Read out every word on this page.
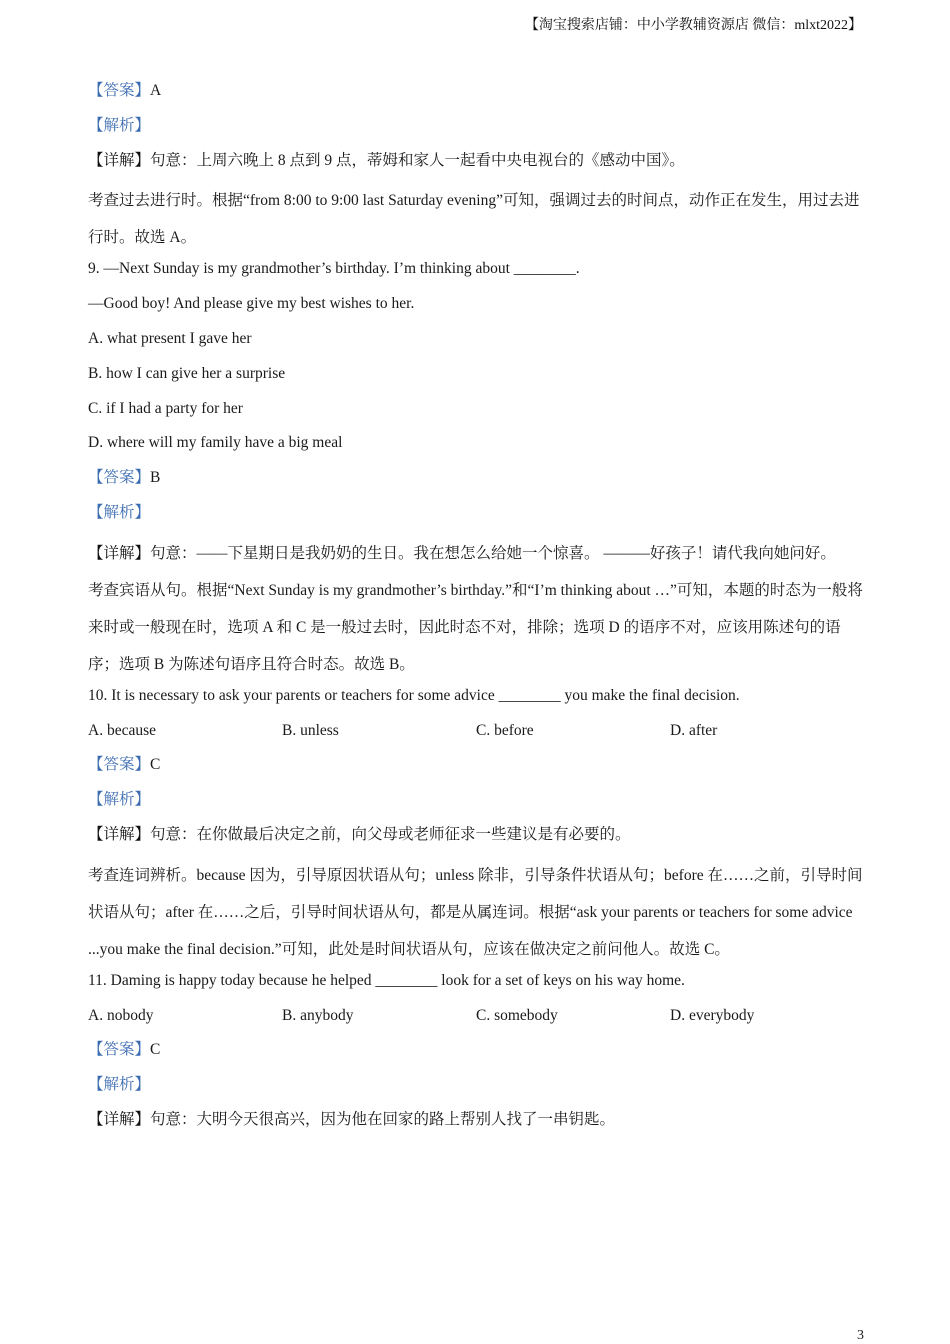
【淘宝搜索店铺：中小学教辅资源店 微信：mlxt2022】
【答案】A
【解析】
【详解】句意：上周六晚上 8 点到 9 点，蒂姆和家人一起看中央电视台的《感动中国》。
考查过去进行时。根据“from 8:00 to 9:00 last Saturday evening”可知，强调过去的时间点，动作正在发生，用过去进行时。故选 A。
9. —Next Sunday is my grandmother’s birthday. I’m thinking about ________.
—Good boy! And please give my best wishes to her.
A. what present I gave her
B. how I can give her a surprise
C. if I had a party for her
D. where will my family have a big meal
【答案】B
【解析】
【详解】句意：——下星期日是我奶奶的生日。我在想怎么给她一个惊喜。 ———好孩子！请代我向她问好。
考查宾语从句。根据“Next Sunday is my grandmother’s birthday.”和“I’m thinking about …”可知，本题的时态为一般将来时或一般现在时，选项 A 和 C 是一般过去时，因此时态不对，排除；选项 D 的语序不对，应该用陈述句的语序；选项 B 为陈述句语序且符合时态。故选 B。
10. It is necessary to ask your parents or teachers for some advice ________ you make the final decision.
A. because	B. unless	C. before	D. after
【答案】C
【解析】
【详解】句意：在你做最后决定之前，向父母或老师征求一些建议是有必要的。
考查连词辨析。because 因为，引导原因状语从句；unless 除非，引导条件状语从句；before 在……之前，引导时间状语从句；after 在……之后，引导时间状语从句，都是从属连词。根据“ask your parents or teachers for some advice ...you make the final decision.”可知，此处是时间状语从句，应该在做决定之前问他人。故选 C。
11. Daming is happy today because he helped ________ look for a set of keys on his way home.
A. nobody	B. anybody	C. somebody	D. everybody
【答案】C
【解析】
【详解】句意：大明今天很高兴，因为他在回家的路上帮别人找了一串钥匙。
3
